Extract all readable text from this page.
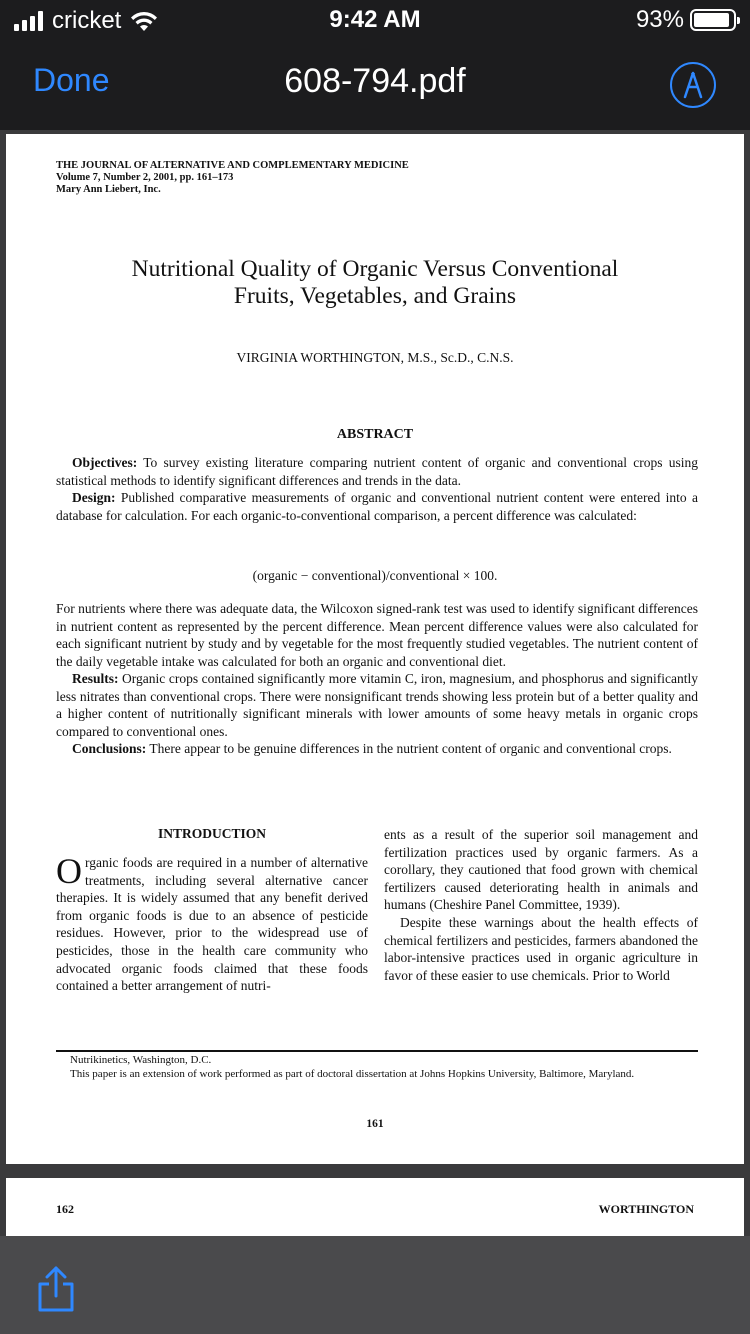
cricket	9:42 AM	93%
Done	608-794.pdf
THE JOURNAL OF ALTERNATIVE AND COMPLEMENTARY MEDICINE
Volume 7, Number 2, 2001, pp. 161–173
Mary Ann Liebert, Inc.
Nutritional Quality of Organic Versus Conventional
Fruits, Vegetables, and Grains
VIRGINIA WORTHINGTON, M.S., Sc.D., C.N.S.
ABSTRACT
Objectives: To survey existing literature comparing nutrient content of organic and conventional crops using statistical methods to identify significant differences and trends in the data.
Design: Published comparative measurements of organic and conventional nutrient content were entered into a database for calculation. For each organic-to-conventional comparison, a percent difference was calculated:
(organic − conventional)/conventional × 100.
For nutrients where there was adequate data, the Wilcoxon signed-rank test was used to identify significant differences in nutrient content as represented by the percent difference. Mean percent difference values were also calculated for each significant nutrient by study and by vegetable for the most frequently studied vegetables. The nutrient content of the daily vegetable intake was calculated for both an organic and conventional diet.
Results: Organic crops contained significantly more vitamin C, iron, magnesium, and phosphorus and significantly less nitrates than conventional crops. There were nonsignificant trends showing less protein but of a better quality and a higher content of nutritionally significant minerals with lower amounts of some heavy metals in organic crops compared to conventional ones.
Conclusions: There appear to be genuine differences in the nutrient content of organic and conventional crops.
INTRODUCTION
Organic foods are required in a number of alternative treatments, including several alternative cancer therapies. It is widely assumed that any benefit derived from organic foods is due to an absence of pesticide residues. However, prior to the widespread use of pesticides, those in the health care community who advocated organic foods claimed that these foods contained a better arrangement of nutri-
ents as a result of the superior soil management and fertilization practices used by organic farmers. As a corollary, they cautioned that food grown with chemical fertilizers caused deteriorating health in animals and humans (Cheshire Panel Committee, 1939).
Despite these warnings about the health effects of chemical fertilizers and pesticides, farmers abandoned the labor-intensive practices used in organic agriculture in favor of these easier to use chemicals. Prior to World
Nutrikinetics, Washington, D.C.
This paper is an extension of work performed as part of doctoral dissertation at Johns Hopkins University, Baltimore, Maryland.
161
162	WORTHINGTON
